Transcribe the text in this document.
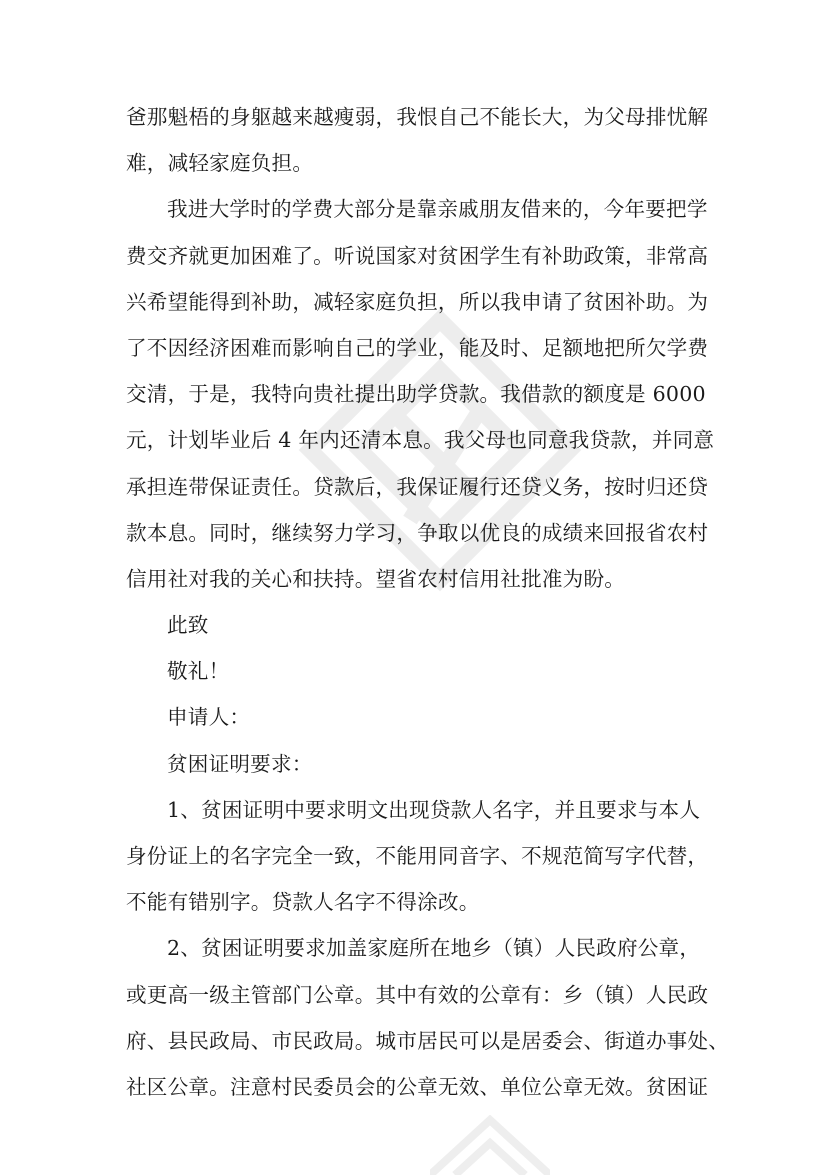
爸那魁梧的身躯越来越瘦弱，我恨自己不能长大，为父母排忧解
难，减轻家庭负担。
我进大学时的学费大部分是靠亲戚朋友借来的，今年要把学
费交齐就更加困难了。听说国家对贫困学生有补助政策，非常高
兴希望能得到补助，减轻家庭负担，所以我申请了贫困补助。为
了不因经济困难而影响自己的学业，能及时、足额地把所欠学费
交清，于是，我特向贵社提出助学贷款。我借款的额度是 6000
元，计划毕业后 4 年内还清本息。我父母也同意我贷款，并同意
承担连带保证责任。贷款后，我保证履行还贷义务，按时归还贷
款本息。同时，继续努力学习，争取以优良的成绩来回报省农村
信用社对我的关心和扶持。望省农村信用社批准为盼。
此致
敬礼！
申请人：
贫困证明要求：
1、贫困证明中要求明文出现贷款人名字，并且要求与本人
身份证上的名字完全一致，不能用同音字、不规范简写字代替，
不能有错别字。贷款人名字不得涂改。
2、贫困证明要求加盖家庭所在地乡（镇）人民政府公章，
或更高一级主管部门公章。其中有效的公章有：乡（镇）人民政
府、县民政局、市民政局。城市居民可以是居委会、街道办事处、
社区公章。注意村民委员会的公章无效、单位公章无效。贫困证
